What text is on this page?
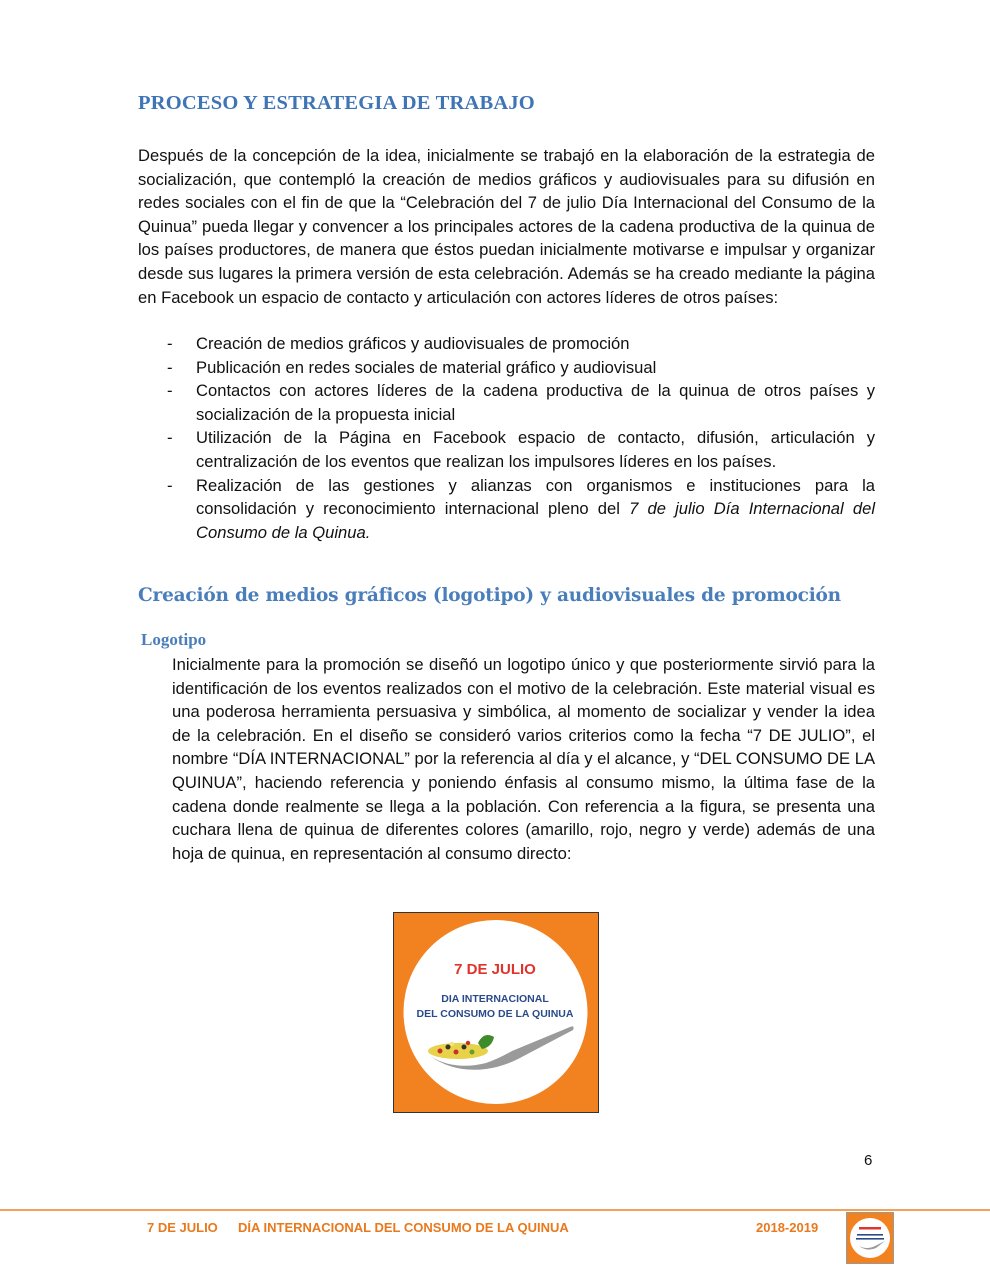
PROCESO Y ESTRATEGIA DE TRABAJO

Después de la concepción de la idea, inicialmente se trabajó en la elaboración de la estrategia de socialización, que contempló la creación de medios gráficos y audiovisuales para su difusión en redes sociales con el fin de que la “Celebración del 7 de julio Día Internacional del Consumo de la Quinua” pueda llegar y convencer a los principales actores de la cadena productiva de la quinua de los países productores, de manera que éstos puedan inicialmente motivarse e impulsar y organizar desde sus lugares la primera versión de esta celebración. Además se ha creado mediante la página en Facebook un espacio de contacto y articulación con actores líderes de otros países:

- Creación de medios gráficos y audiovisuales de promoción
- Publicación en redes sociales de material gráfico y audiovisual
- Contactos con actores líderes de la cadena productiva de la quinua de otros países y socialización de la propuesta inicial
- Utilización de la Página en Facebook espacio de contacto, difusión, articulación y centralización de los eventos que realizan los impulsores líderes en los países.
- Realización de las gestiones y alianzas con organismos e instituciones para la consolidación y reconocimiento internacional pleno del 7 de julio Día Internacional del Consumo de la Quinua.
Creación de medios gráficos (logotipo) y audiovisuales de promoción
Logotipo

Inicialmente para la promoción se diseñó un logotipo único y que posteriormente sirvió para la identificación de los eventos realizados con el motivo de la celebración. Este material visual es una poderosa herramienta persuasiva y simbólica, al momento de socializar y vender la idea de la celebración. En el diseño se consideró varios criterios como la fecha “7 DE JULIO”, el nombre “DÍA INTERNACIONAL” por la referencia al día y el alcance, y “DEL CONSUMO DE LA QUINUA”, haciendo referencia y poniendo énfasis al consumo mismo, la última fase de la cadena donde realmente se llega a la población. Con referencia a la figura, se presenta una cuchara llena de quinua de diferentes colores (amarillo, rojo, negro y verde) además de una hoja de quinua, en representación al consumo directo:

7 DE JULIO
DIA INTERNACIONAL
DEL CONSUMO DE LA QUINUA
6
7 DE JULIO DÍA INTERNACIONAL DEL CONSUMO DE LA QUINUA	2018-2019
